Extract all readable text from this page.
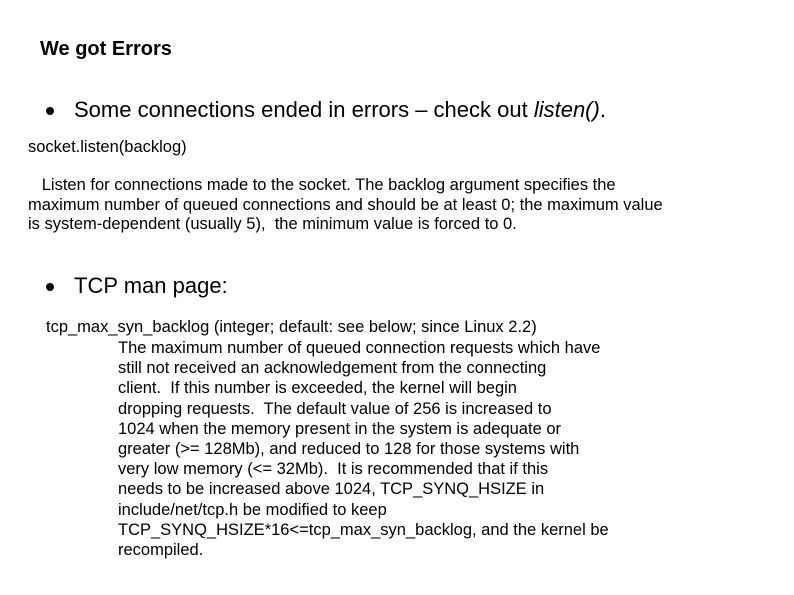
We got Errors
Some connections ended in errors – check out listen().
socket.listen(backlog)
Listen for connections made to the socket. The backlog argument specifies the
maximum number of queued connections and should be at least 0; the maximum value
is system-dependent (usually 5),  the minimum value is forced to 0.
TCP man page:
tcp_max_syn_backlog (integer; default: see below; since Linux 2.2)
The maximum number of queued connection requests which have
still not received an acknowledgement from the connecting
client.  If this number is exceeded, the kernel will begin
dropping requests.  The default value of 256 is increased to
1024 when the memory present in the system is adequate or
greater (>= 128Mb), and reduced to 128 for those systems with
very low memory (<= 32Mb).  It is recommended that if this
needs to be increased above 1024, TCP_SYNQ_HSIZE in
include/net/tcp.h be modified to keep
TCP_SYNQ_HSIZE*16<=tcp_max_syn_backlog, and the kernel be
recompiled.
